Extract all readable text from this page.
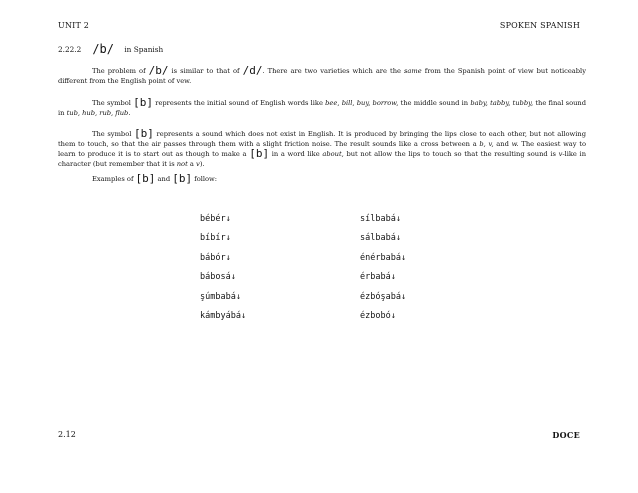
UNIT 2	SPOKEN SPANISH
2.22.2 /b/ in Spanish

The problem of /b/ is similar to that of /d/. There are two varieties which are the same from the Spanish point of view but noticeably different from the English point of vew.

The symbol [b] represents the initial sound of English words like bee, bill, buy, borrow, the middle sound in baby, tabby, tubby, the final sound in tub, hub, rub, flub.

The symbol [b] represents a sound which does not exist in English. It is produced by bringing the lips close to each other, but not allowing them to touch, so that the air passes through them with a slight friction noise. The result sounds like a cross between a b, v, and w. The easiest way to learn to produce it is to start out as though to make a [b] in a word like about, but not allow the lips to touch so that the resulting sound is v-like in character (but remember that it is not a v).

Examples of [b] and [b] follow:

bébér↓
bíbír↓
bábór↓
bábosá↓
şúmbabá↓
kámbyábá↓
sílbabá↓
sálbabá↓
énérbabá↓
érbabá↓
ézbóşabá↓
ézbobó↓
2.12	DOCE
